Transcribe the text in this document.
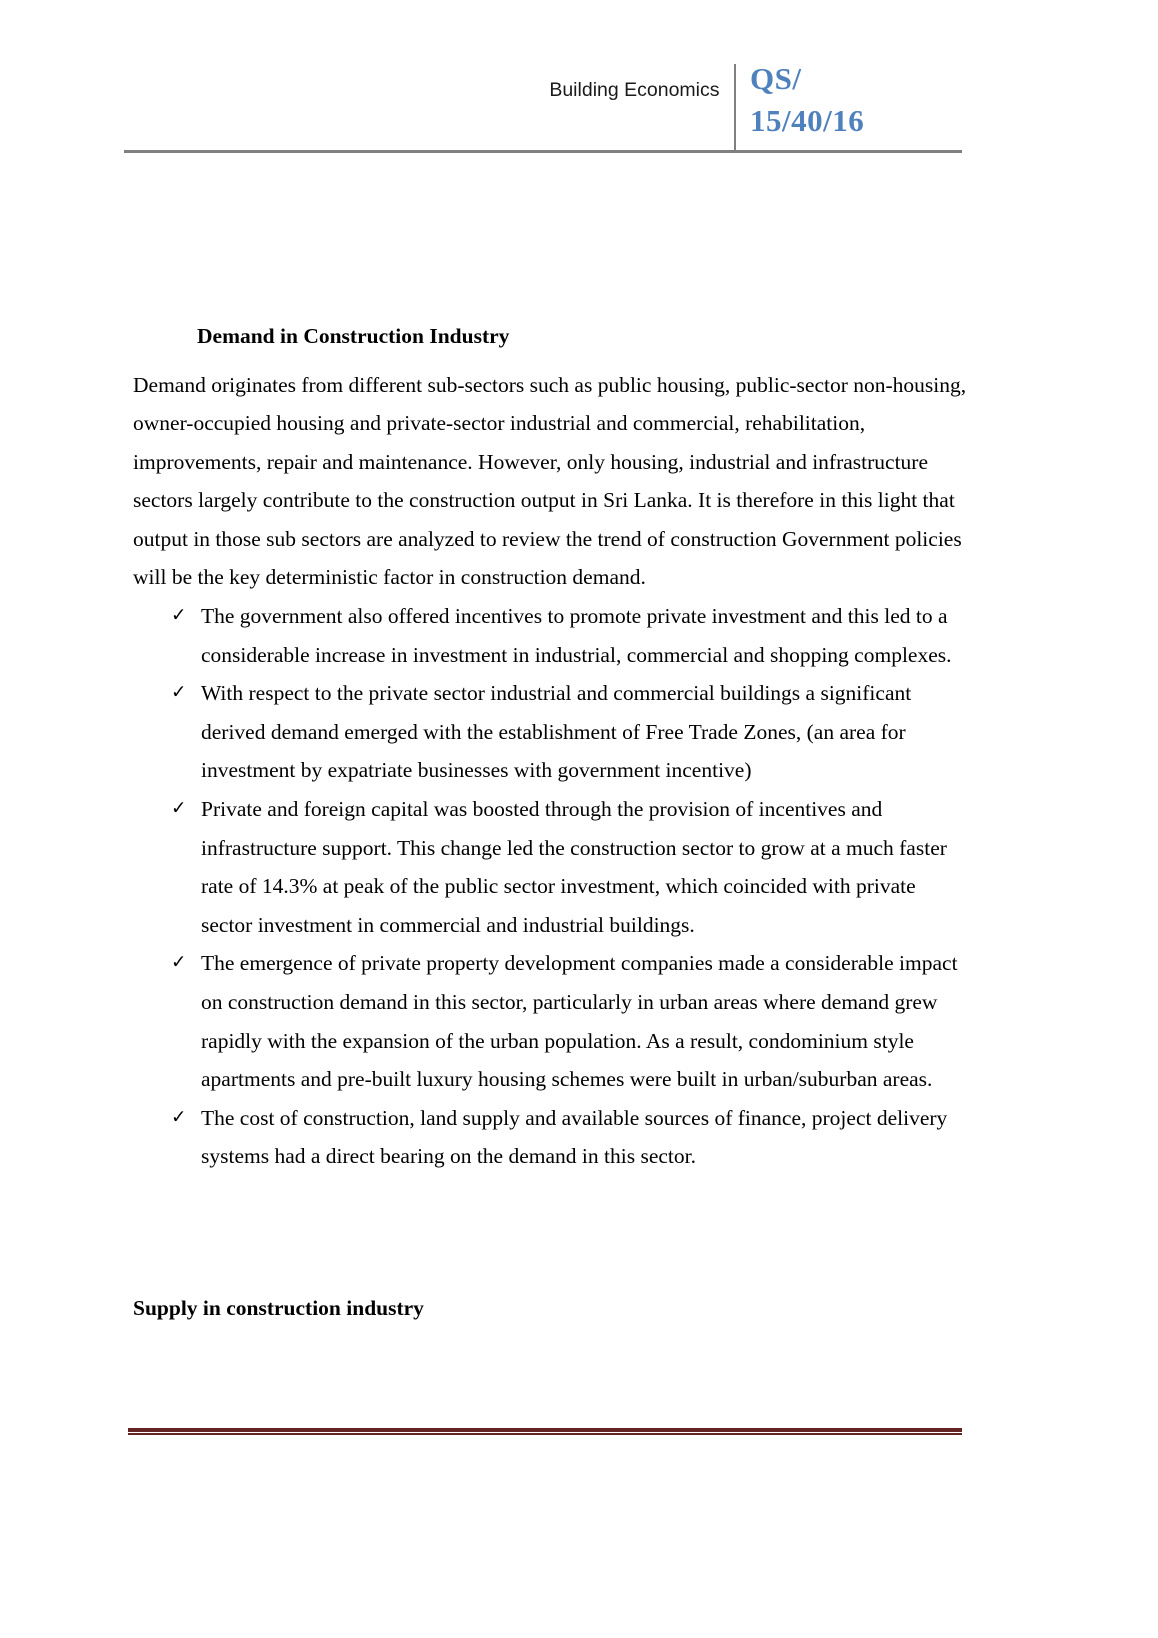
Building Economics QS/
15/40/16
Demand in Construction Industry

Demand originates from different sub-sectors such as public housing, public-sector non-housing, owner-occupied housing and private-sector industrial and commercial, rehabilitation, improvements, repair and maintenance. However, only housing, industrial and infrastructure sectors largely contribute to the construction output in Sri Lanka. It is therefore in this light that output in those sub sectors are analyzed to review the trend of construction Government policies will be the key deterministic factor in construction demand.

✓ The government also offered incentives to promote private investment and this led to a considerable increase in investment in industrial, commercial and shopping complexes.
✓ With respect to the private sector industrial and commercial buildings a significant derived demand emerged with the establishment of Free Trade Zones, (an area for investment by expatriate businesses with government incentive)
✓ Private and foreign capital was boosted through the provision of incentives and infrastructure support. This change led the construction sector to grow at a much faster rate of 14.3% at peak of the public sector investment, which coincided with private sector investment in commercial and industrial buildings.
✓ The emergence of private property development companies made a considerable impact on construction demand in this sector, particularly in urban areas where demand grew rapidly with the expansion of the urban population. As a result, condominium style apartments and pre-built luxury housing schemes were built in urban/suburban areas.
✓ The cost of construction, land supply and available sources of finance, project delivery systems had a direct bearing on the demand in this sector.
Supply in construction industry
